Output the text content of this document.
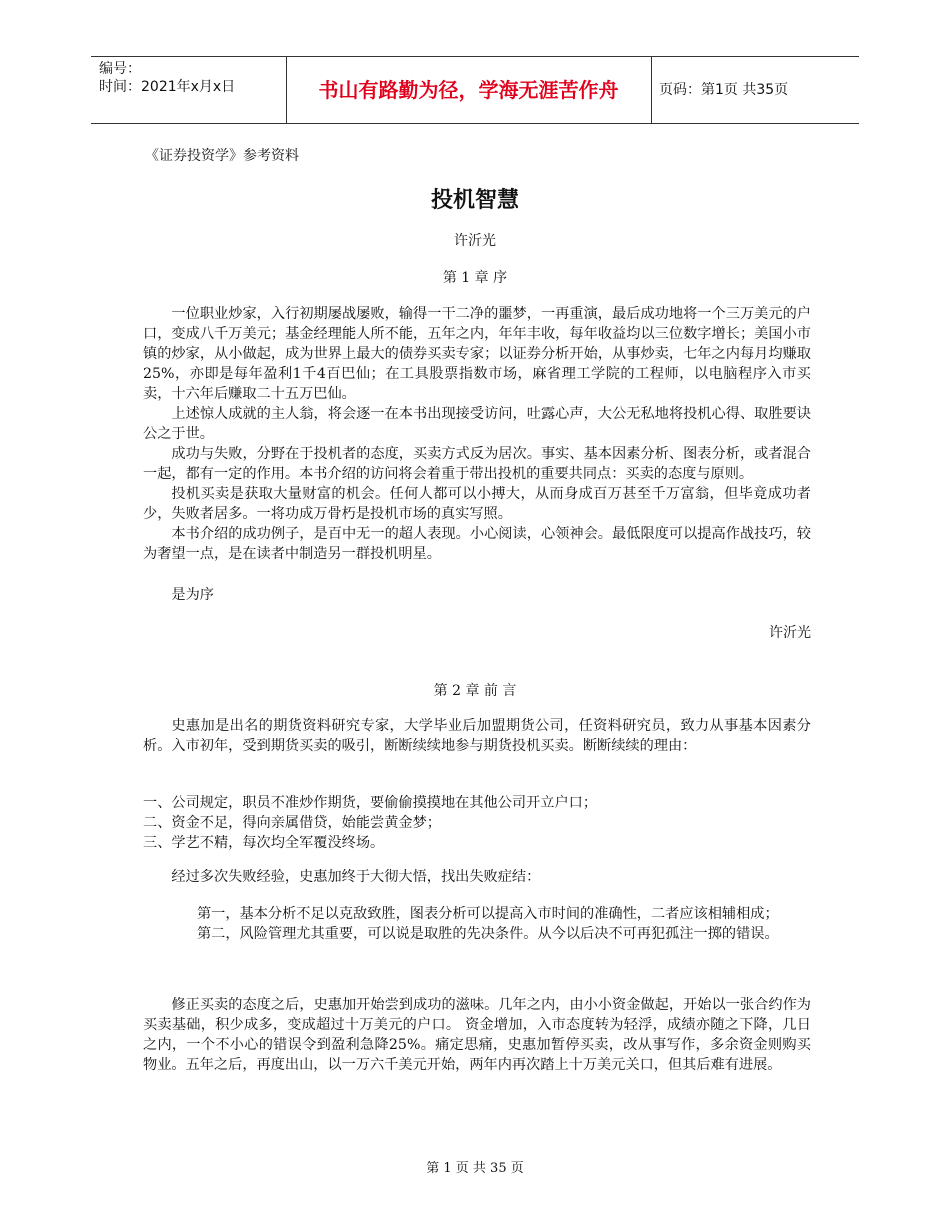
编号：
时间：2021年x月x日	书山有路勤为径，学海无涯苦作舟	页码：第1页 共35页
《证券投资学》参考资料
投机智慧
许沂光
第 1 章 序

一位职业炒家，入行初期屡战屡败，输得一干二净的噩梦，一再重演，最后成功地将一个三万美元的户口，变成八千万美元；基金经理能人所不能，五年之内，年年丰收，每年收益均以三位数字增长；美国小市镇的炒家，从小做起，成为世界上最大的债券买卖专家；以证券分析开始，从事炒卖，七年之内每月均赚取25%，亦即是每年盈利1千4百巴仙；在工具股票指数市场，麻省理工学院的工程师，以电脑程序入市买卖，十六年后赚取二十五万巴仙。

上述惊人成就的主人翁，将会逐一在本书出现接受访问，吐露心声，大公无私地将投机心得、取胜要诀公之于世。

成功与失败，分野在于投机者的态度，买卖方式反为居次。事实、基本因素分析、图表分析，或者混合一起，都有一定的作用。本书介绍的访问将会着重于带出投机的重要共同点：买卖的态度与原则。

投机买卖是获取大量财富的机会。任何人都可以小搏大，从而身成百万甚至千万富翁，但毕竟成功者少，失败者居多。一将功成万骨朽是投机市场的真实写照。

本书介绍的成功例子，是百中无一的超人表现。小心阅读，心领神会。最低限度可以提高作战技巧，较为奢望一点，是在读者中制造另一群投机明星。

是为序

许沂光
第 2 章 前 言

史惠加是出名的期货资料研究专家，大学毕业后加盟期货公司，任资料研究员，致力从事基本因素分析。入市初年，受到期货买卖的吸引，断断续续地参与期货投机买卖。断断续续的理由：

一、公司规定，职员不准炒作期货，要偷偷摸摸地在其他公司开立户口；

二、资金不足，得向亲属借贷，始能尝黄金梦；

三、学艺不精，每次均全军覆没终场。

经过多次失败经验，史惠加终于大彻大悟，找出失败症结：

第一，基本分析不足以克敌致胜，图表分析可以提高入市时间的准确性，二者应该相辅相成；

第二，风险管理尤其重要，可以说是取胜的先决条件。从今以后决不可再犯孤注一掷的错误。

修正买卖的态度之后，史惠加开始尝到成功的滋味。几年之内，由小小资金做起，开始以一张合约作为买卖基础，积少成多，变成超过十万美元的户口。 资金增加，入市态度转为轻浮，成绩亦随之下降，几日之内，一个不小心的错误令到盈利急降25%。痛定思痛，史惠加暂停买卖，改从事写作，多余资金则购买物业。五年之后，再度出山，以一万六千美元开始，两年内再次踏上十万美元关口，但其后难有进展。

第 1 页 共 35 页
